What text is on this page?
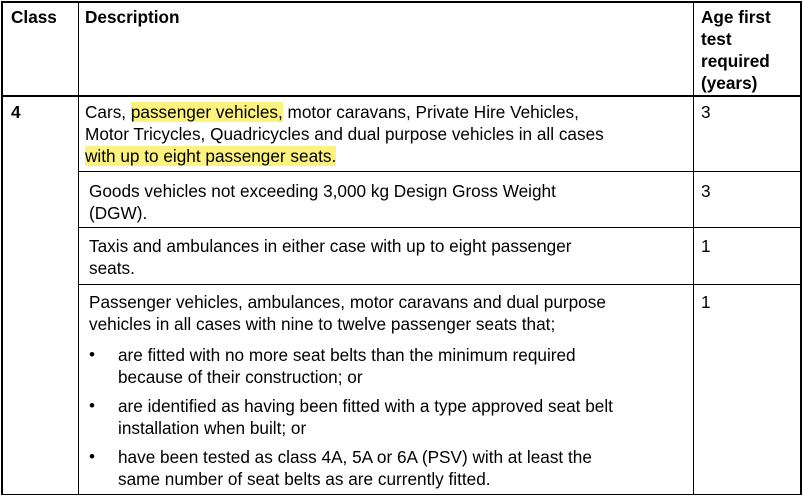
Class Description	Age first
test
required
(years)
4	Cars, passenger vehicles, motor caravans, Private Hire Vehicles,
Motor Tricycles, Quadricycles and dual purpose vehicles in all cases
with up to eight passenger seats.
3
Goods vehicles not exceeding 3,000 kg Design Gross Weight
(DGW).
3
Taxis and ambulances in either case with up to eight passenger
seats.
1
Passenger vehicles, ambulances, motor caravans and dual purpose
vehicles in all cases with nine to twelve passenger seats that;
1
• are fitted with no more seat belts than the minimum required
because of their construction; or
• are identified as having been fitted with a type approved seat belt
installation when built; or
• have been tested as class 4A, 5A or 6A (PSV) with at least the
same number of seat belts as are currently fitted.
